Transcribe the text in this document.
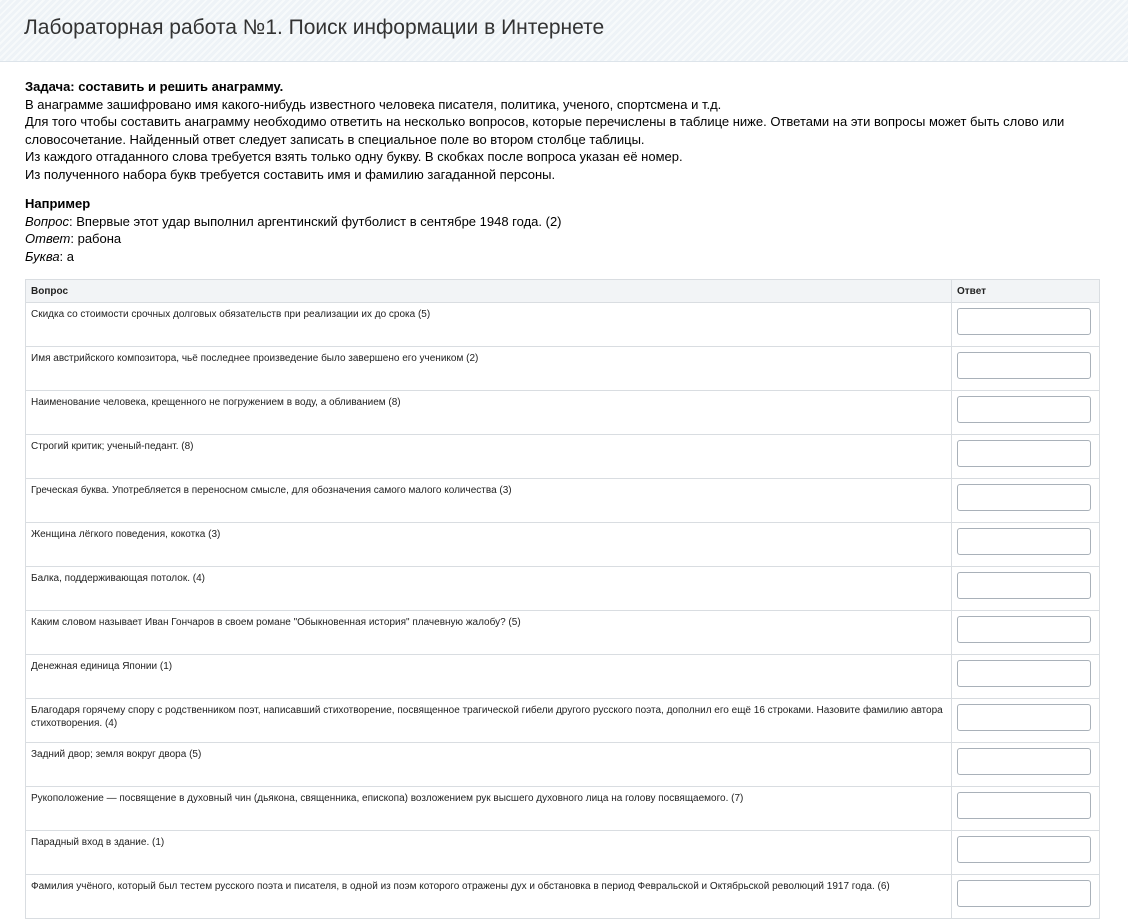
Лабораторная работа №1. Поиск информации в Интернете

Задача: составить и решить анаграмму.

В анаграмме зашифровано имя какого-нибудь известного человека писателя, политика, ученого, спортсмена и т.д.

Для того чтобы составить анаграмму необходимо ответить на несколько вопросов, которые перечислены в таблице ниже. Ответами на эти вопросы может быть слово или словосочетание. Найденный ответ следует записать в специальное поле во втором столбце таблицы.

Из каждого отгаданного слова требуется взять только одну букву. В скобках после вопроса указан её номер.

Из полученного набора букв требуется составить имя и фамилию загаданной персоны.

Например

Вопрос: Впервые этот удар выполнил аргентинский футболист в сентябре 1948 года. (2)

Ответ: рабона

Буква: а

Вопрос	Ответ
Скидка со стоимости срочных долговых обязательств при реализации их до срока (5)	

Имя австрийского композитора, чьё последнее произведение было завершено его учеником (2)	

Наименование человека, крещенного не погружением в воду, а обливанием (8)	

Строгий критик; ученый-педант. (8)	

Греческая буква. Употребляется в переносном смысле, для обозначения самого малого количества (3)	

Женщина лёгкого поведения, кокотка (3)	

Балка, поддерживающая потолок. (4)	

Каким словом называет Иван Гончаров в своем романе "Обыкновенная история" плачевную жалобу? (5)	

Денежная единица Японии (1)	

Благодаря горячему спору с родственником поэт, написавший стихотворение, посвященное трагической гибели другого русского поэта, дополнил его ещё 16 строками. Назовите фамилию автора стихотворения. (4)	

Задний двор; земля вокруг двора (5)	

Рукоположение — посвящение в духовный чин (дьякона, священника, епископа) возложением рук высшего духовного лица на голову посвящаемого. (7)	

Парадный вход в здание. (1)	

Фамилия учёного, который был тестем русского поэта и писателя, в одной из поэм которого отражены дух и обстановка в период Февральской и Октябрьской революций 1917 года. (6)	
